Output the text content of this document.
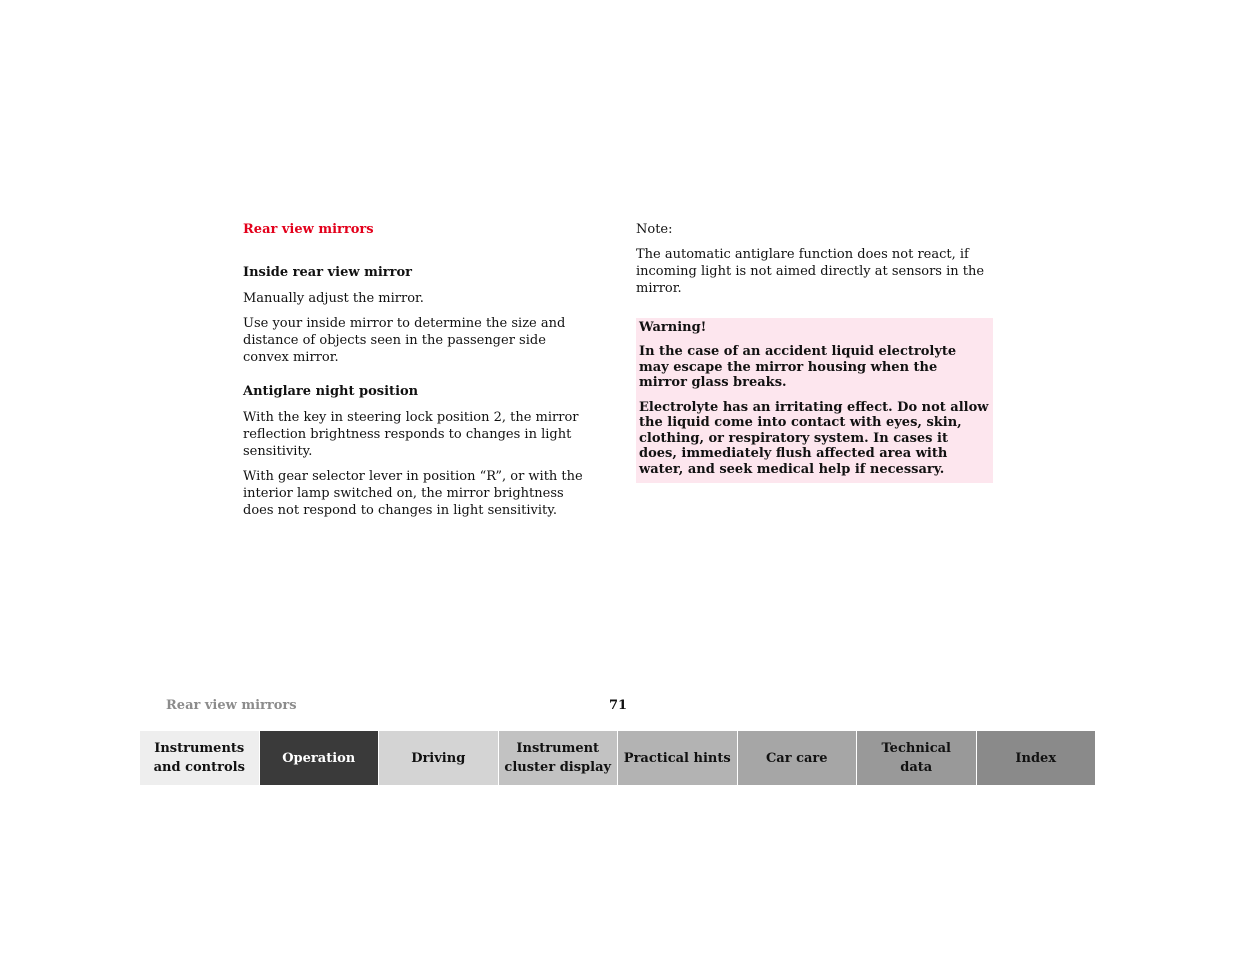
Rear view mirrors
Inside rear view mirror

Manually adjust the mirror.

Use your inside mirror to determine the size and distance of objects seen in the passenger side convex mirror.

Antiglare night position

With the key in steering lock position 2, the mirror reflection brightness responds to changes in light sensitivity.

With gear selector lever in position “R”, or with the interior lamp switched on, the mirror brightness does not respond to changes in light sensitivity.

Note:

The automatic antiglare function does not react, if incoming light is not aimed directly at sensors in the mirror.

Warning!
In the case of an accident liquid electrolyte may escape the mirror housing when the mirror glass breaks.
Electrolyte has an irritating effect. Do not allow the liquid come into contact with eyes, skin, clothing, or respiratory system. In cases it does, immediately flush affected area with water, and seek medical help if necessary.
Rear view mirrors	71
Instruments
and controls
Operation	Driving
Instrument
cluster display
Practical hints	Car care
Technical
data
Index
